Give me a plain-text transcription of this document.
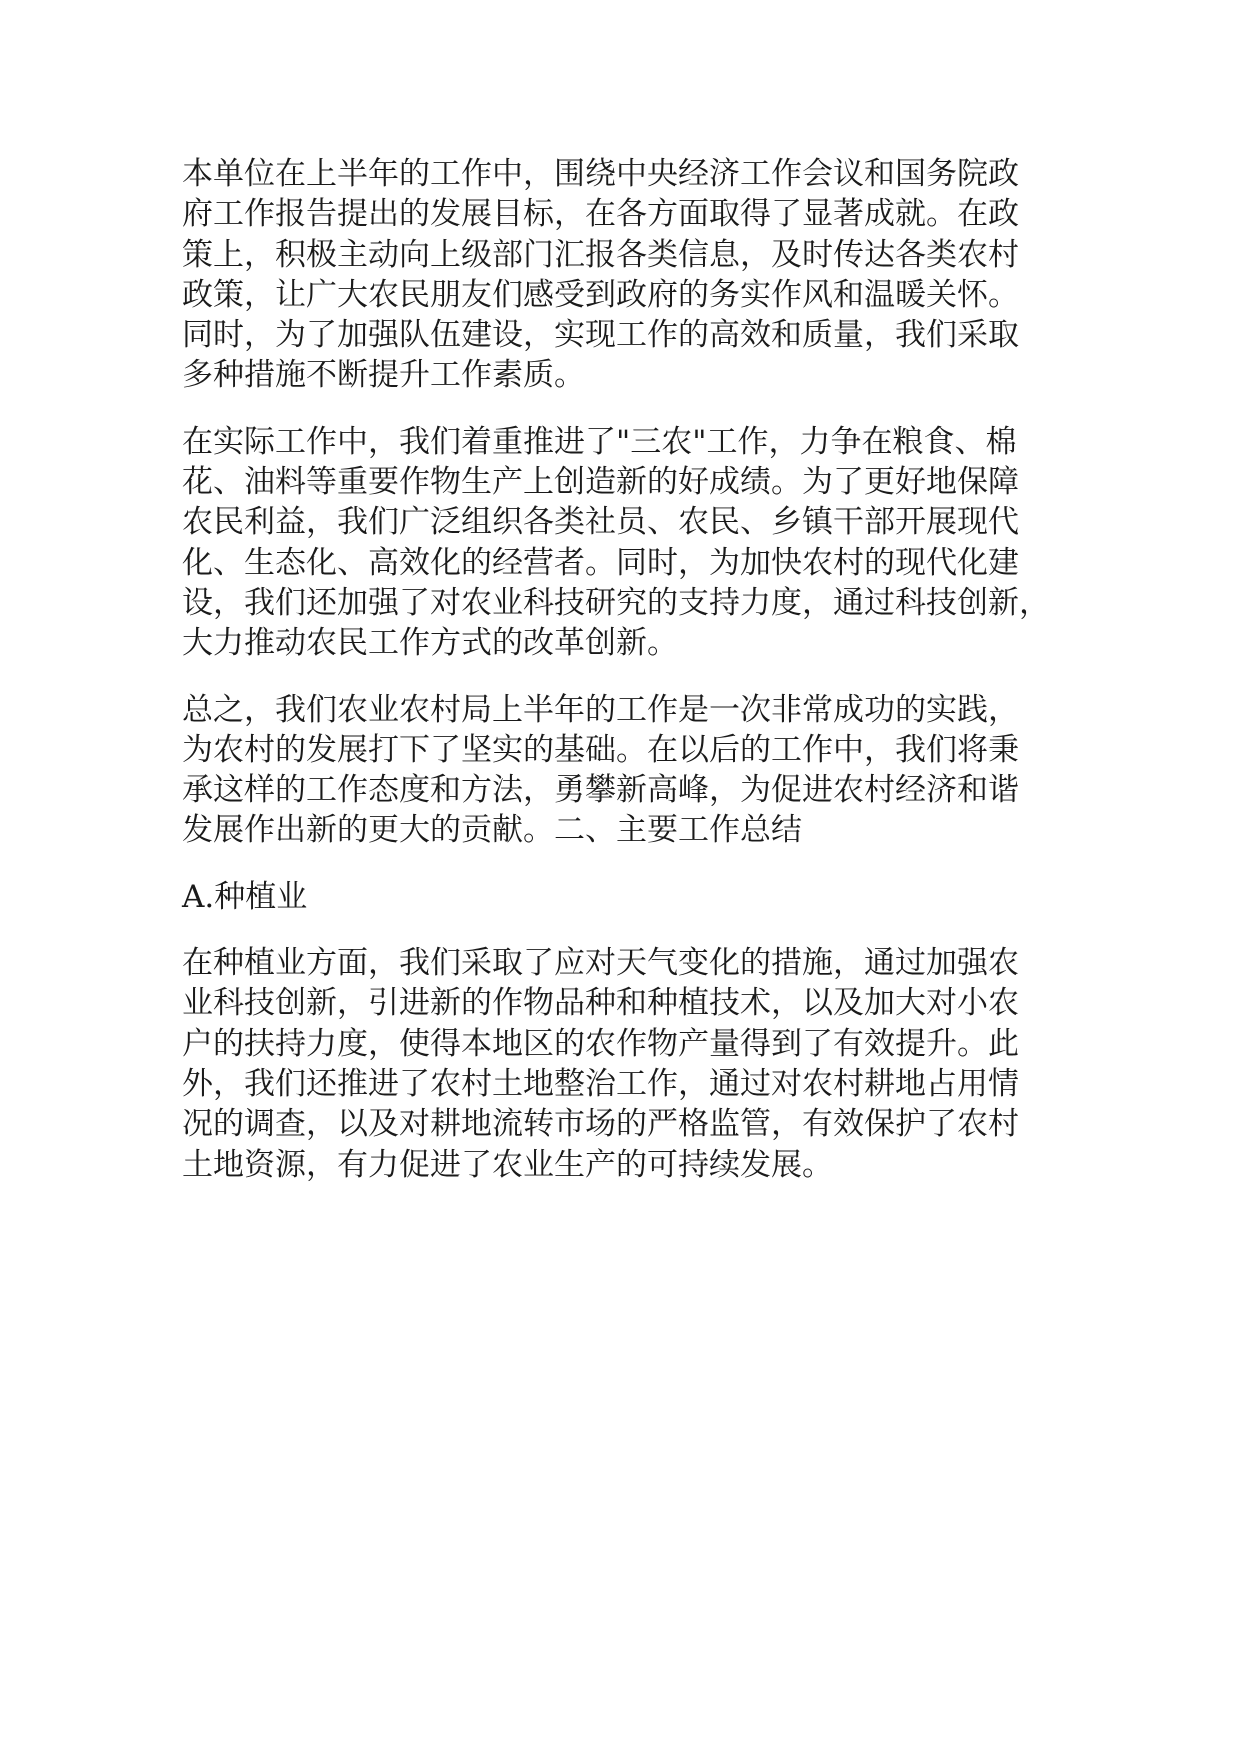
本单位在上半年的工作中，围绕中央经济工作会议和国务院政
府工作报告提出的发展目标，在各方面取得了显著成就。在政
策上，积极主动向上级部门汇报各类信息，及时传达各类农村
政策，让广大农民朋友们感受到政府的务实作风和温暖关怀。
同时，为了加强队伍建设，实现工作的高效和质量，我们采取
多种措施不断提升工作素质。
在实际工作中，我们着重推进了"三农"工作，力争在粮食、棉
花、油料等重要作物生产上创造新的好成绩。为了更好地保障
农民利益，我们广泛组织各类社员、农民、乡镇干部开展现代
化、生态化、高效化的经营者。同时，为加快农村的现代化建
设，我们还加强了对农业科技研究的支持力度，通过科技创新，
大力推动农民工作方式的改革创新。
总之，我们农业农村局上半年的工作是一次非常成功的实践，
为农村的发展打下了坚实的基础。在以后的工作中，我们将秉
承这样的工作态度和方法，勇攀新高峰，为促进农村经济和谐
发展作出新的更大的贡献。二、主要工作总结
A.种植业
在种植业方面，我们采取了应对天气变化的措施，通过加强农
业科技创新，引进新的作物品种和种植技术，以及加大对小农
户的扶持力度，使得本地区的农作物产量得到了有效提升。此
外，我们还推进了农村土地整治工作，通过对农村耕地占用情
况的调查，以及对耕地流转市场的严格监管，有效保护了农村
土地资源，有力促进了农业生产的可持续发展。
